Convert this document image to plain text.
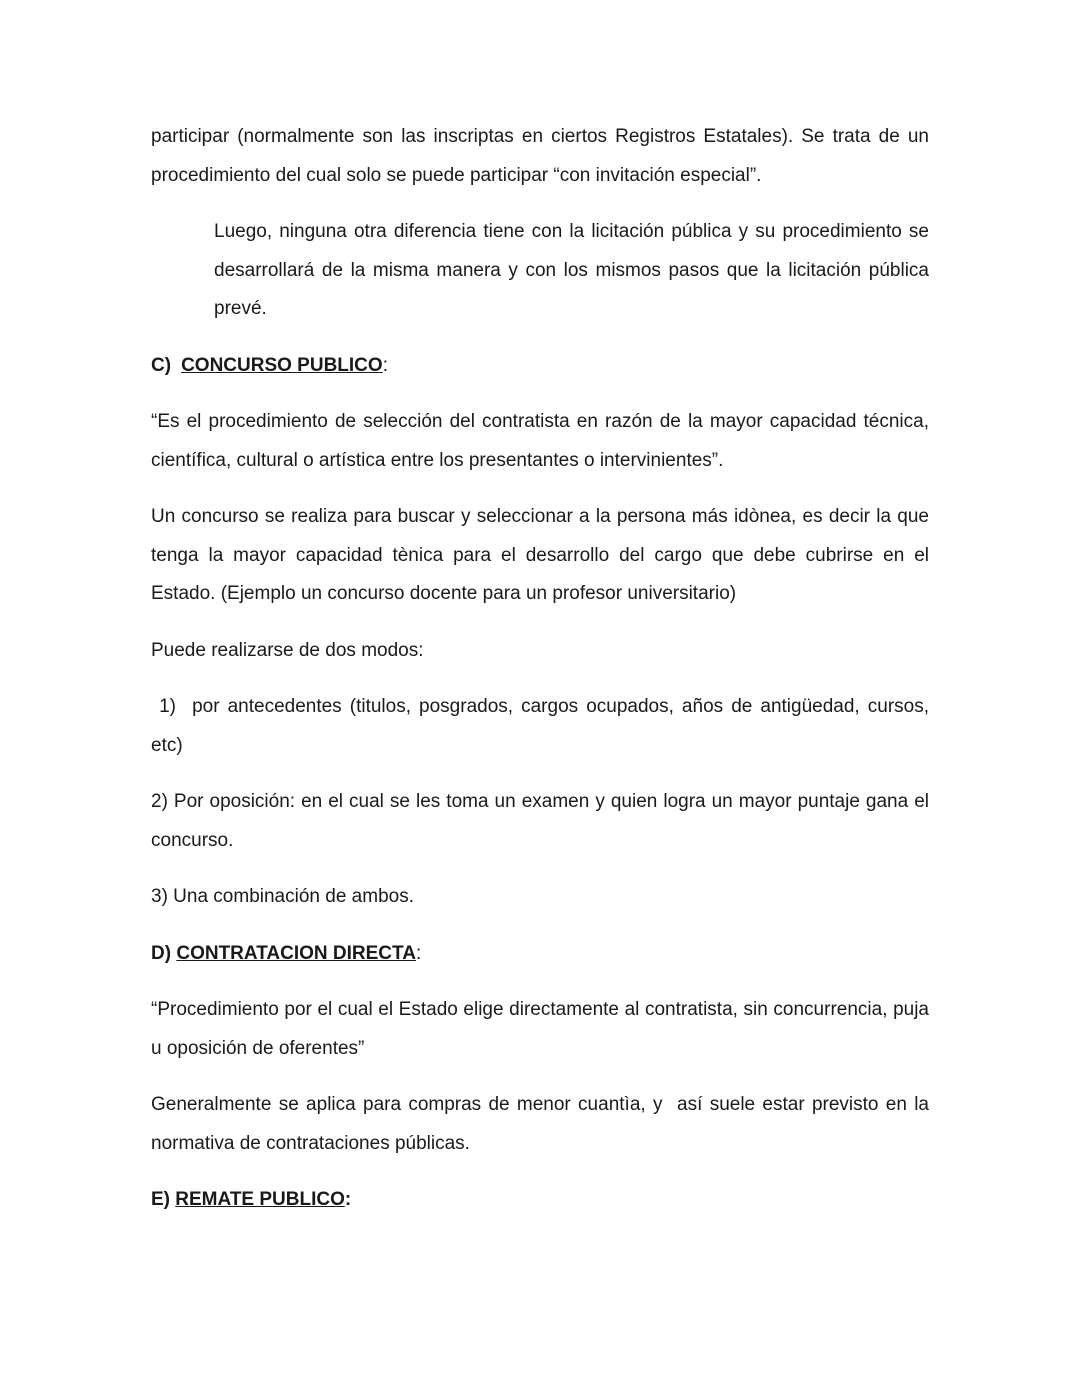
participar (normalmente son las inscriptas en ciertos Registros Estatales). Se trata de un procedimiento del cual solo se puede participar “con invitación especial”.

Luego, ninguna otra diferencia tiene con la licitación pública y su procedimiento se desarrollará de la misma manera y con los mismos pasos que la licitación pública prevé.

C) CONCURSO PUBLICO:

“Es el procedimiento de selección del contratista en razón de la mayor capacidad técnica, científica, cultural o artística entre los presentantes o intervinientes”.

Un concurso se realiza para buscar y seleccionar a la persona más idònea, es decir la que tenga la mayor capacidad tènica para el desarrollo del cargo que debe cubrirse en el Estado. (Ejemplo un concurso docente para un profesor universitario)

Puede realizarse de dos modos:

1)  por antecedentes (titulos, posgrados, cargos ocupados, años de antigüedad, cursos, etc)

2) Por oposición: en el cual se les toma un examen y quien logra un mayor puntaje gana el concurso.

3) Una combinación de ambos.

D) CONTRATACION DIRECTA:

“Procedimiento por el cual el Estado elige directamente al contratista, sin concurrencia, puja u oposición de oferentes”

Generalmente se aplica para compras de menor cuantìa, y  así suele estar previsto en la normativa de contrataciones públicas.

E) REMATE PUBLICO:
